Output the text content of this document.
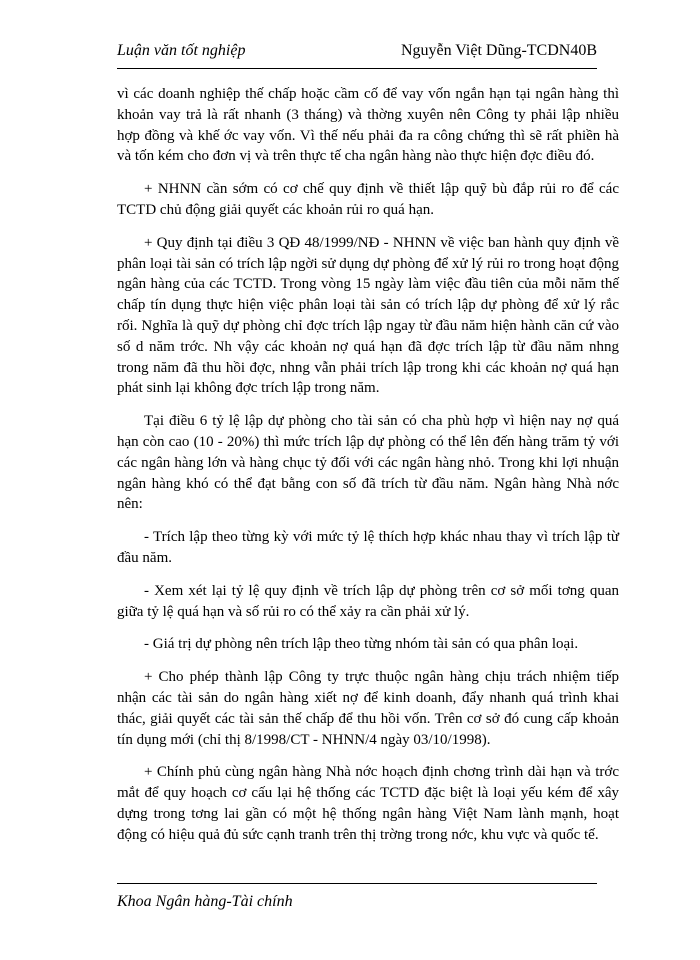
Luận văn tốt nghiệp	Nguyễn Việt Dũng-TCDN40B

vì các doanh nghiệp thế chấp hoặc cầm cố để vay vốn ngắn hạn tại ngân hàng thì khoản vay trả là rất nhanh (3 tháng) và thờng xuyên nên Công ty phải lập nhiều hợp đồng và khế ớc vay vốn. Vì thế nếu phải đa ra công chứng thì sẽ rất phiền hà và tốn kém cho đơn vị và trên thực tế cha ngân hàng nào thực hiện đợc điều đó.

+ NHNN cần sớm có cơ chế quy định về thiết lập quỹ bù đắp rủi ro để các TCTD chủ động giải quyết các khoản rủi ro quá hạn.

+ Quy định tại điều 3 QĐ 48/1999/NĐ - NHNN về việc ban hành quy định về phân loại tài sản có trích lập ngời sử dụng dự phòng để xử lý rủi ro trong hoạt động ngân hàng của các TCTD. Trong vòng 15 ngày làm việc đầu tiên của mỗi năm thế chấp tín dụng thực hiện việc phân loại tài sản có trích lập dự phòng để xử lý rắc rối. Nghĩa là quỹ dự phòng chỉ đợc trích lập ngay từ đầu năm hiện hành căn cứ vào số d năm trớc. Nh vậy các khoản nợ quá hạn đã đợc trích lập từ đầu năm nhng trong năm đã thu hồi đợc, nhng vẫn phải trích lập trong khi các khoản nợ quá hạn phát sinh lại không đợc trích lập trong năm.

Tại điều 6 tỷ lệ lập dự phòng cho tài sản có cha phù hợp vì hiện nay nợ quá hạn còn cao (10 - 20%) thì mức trích lập dự phòng có thể lên đến hàng trăm tỷ với các ngân hàng lớn và hàng chục tỷ đối với các ngân hàng nhỏ. Trong khi lợi nhuận ngân hàng khó có thể đạt bằng con số đã trích từ đầu năm. Ngân hàng Nhà nớc nên:

- Trích lập theo từng kỳ với mức tỷ lệ thích hợp khác nhau thay vì trích lập từ đầu năm.

- Xem xét lại tỷ lệ quy định về trích lập dự phòng trên cơ sở mối tơng quan giữa tỷ lệ quá hạn và số rủi ro có thể xảy ra cần phải xử lý.

- Giá trị dự phòng nên trích lập theo từng nhóm tài sản có qua phân loại.

+ Cho phép thành lập Công ty trực thuộc ngân hàng chịu trách nhiệm tiếp nhận các tài sản do ngân hàng xiết nợ để kinh doanh, đẩy nhanh quá trình khai thác, giải quyết các tài sản thế chấp để thu hồi vốn. Trên cơ sở đó cung cấp khoản tín dụng mới (chỉ thị 8/1998/CT - NHNN/4 ngày 03/10/1998).

+ Chính phủ cùng ngân hàng Nhà nớc hoạch định chơng trình dài hạn và trớc mắt để quy hoạch cơ cấu lại hệ thống các TCTD đặc biệt là loại yếu kém để xây dựng trong tơng lai gần có một hệ thống ngân hàng Việt Nam lành mạnh, hoạt động có hiệu quả đủ sức cạnh tranh trên thị trờng trong nớc, khu vực và quốc tế.

Khoa Ngân hàng-Tài chính
